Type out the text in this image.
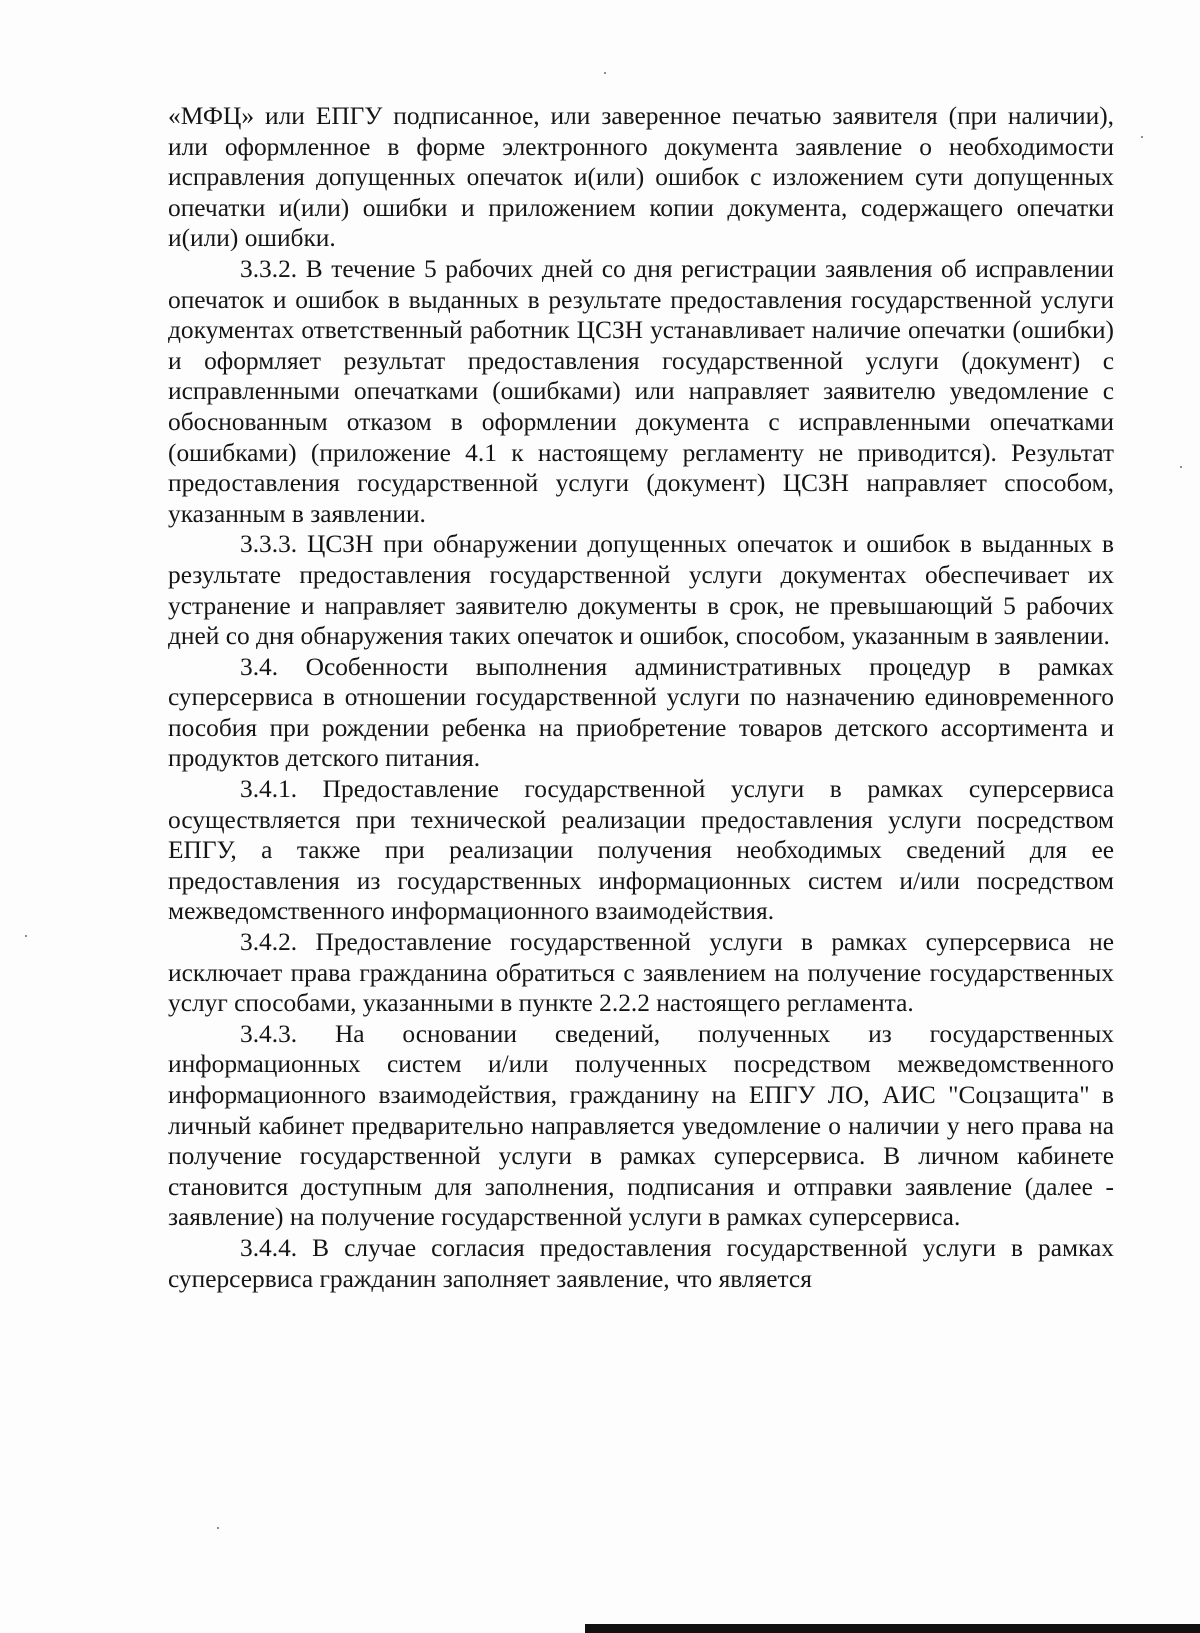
«МФЦ» или ЕПГУ подписанное, или заверенное печатью заявителя (при наличии), или оформленное в форме электронного документа заявление о необходимости исправления допущенных опечаток и(или) ошибок с изложением сути допущенных опечатки и(или) ошибки и приложением копии документа, содержащего опечатки и(или) ошибки.

3.3.2. В течение 5 рабочих дней со дня регистрации заявления об исправлении опечаток и ошибок в выданных в результате предоставления государственной услуги документах ответственный работник ЦСЗН устанавливает наличие опечатки (ошибки) и оформляет результат предоставления государственной услуги (документ) с исправленными опечатками (ошибками) или направляет заявителю уведомление с обоснованным отказом в оформлении документа с исправленными опечатками (ошибками) (приложение 4.1 к настоящему регламенту не приводится). Результат предоставления государственной услуги (документ) ЦСЗН направляет способом, указанным в заявлении.

3.3.3. ЦСЗН при обнаружении допущенных опечаток и ошибок в выданных в результате предоставления государственной услуги документах обеспечивает их устранение и направляет заявителю документы в срок, не превышающий 5 рабочих дней со дня обнаружения таких опечаток и ошибок, способом, указанным в заявлении.

3.4. Особенности выполнения административных процедур в рамках суперсервиса в отношении государственной услуги по назначению единовременного пособия при рождении ребенка на приобретение товаров детского ассортимента и продуктов детского питания.

3.4.1. Предоставление государственной услуги в рамках суперсервиса осуществляется при технической реализации предоставления услуги посредством ЕПГУ, а также при реализации получения необходимых сведений для ее предоставления из государственных информационных систем и/или посредством межведомственного информационного взаимодействия.

3.4.2. Предоставление государственной услуги в рамках суперсервиса не исключает права гражданина обратиться с заявлением на получение государственных услуг способами, указанными в пункте 2.2.2 настоящего регламента.

3.4.3. На основании сведений, полученных из государственных информационных систем и/или полученных посредством межведомственного информационного взаимодействия, гражданину на ЕПГУ ЛО, АИС "Соцзащита" в личный кабинет предварительно направляется уведомление о наличии у него права на получение государственной услуги в рамках суперсервиса. В личном кабинете становится доступным для заполнения, подписания и отправки заявление (далее - заявление) на получение государственной услуги в рамках суперсервиса.

3.4.4. В случае согласия предоставления государственной услуги в рамках суперсервиса гражданин заполняет заявление, что является
